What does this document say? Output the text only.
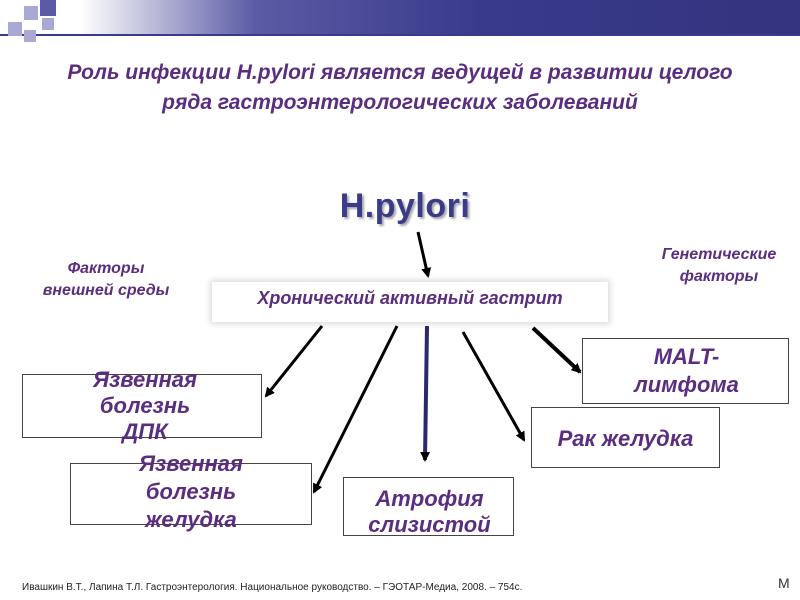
Роль инфекции H.pylori является ведущей в развитии целого ряда гастроэнтерологических заболеваний
H.pylori
Факторы
внешней среды
Генетические
факторы
Хронический активный гастрит
Язвенная
болезнь
ДПК
Язвенная
болезнь
желудка
Атрофия
слизистой
Рак желудка
MALT-
лимфома
Ивашкин В.Т., Лапина Т.Л. Гастроэнтерология. Национальное руководство. – ГЭОТАР-Медиа, 2008. – 754с.	М
